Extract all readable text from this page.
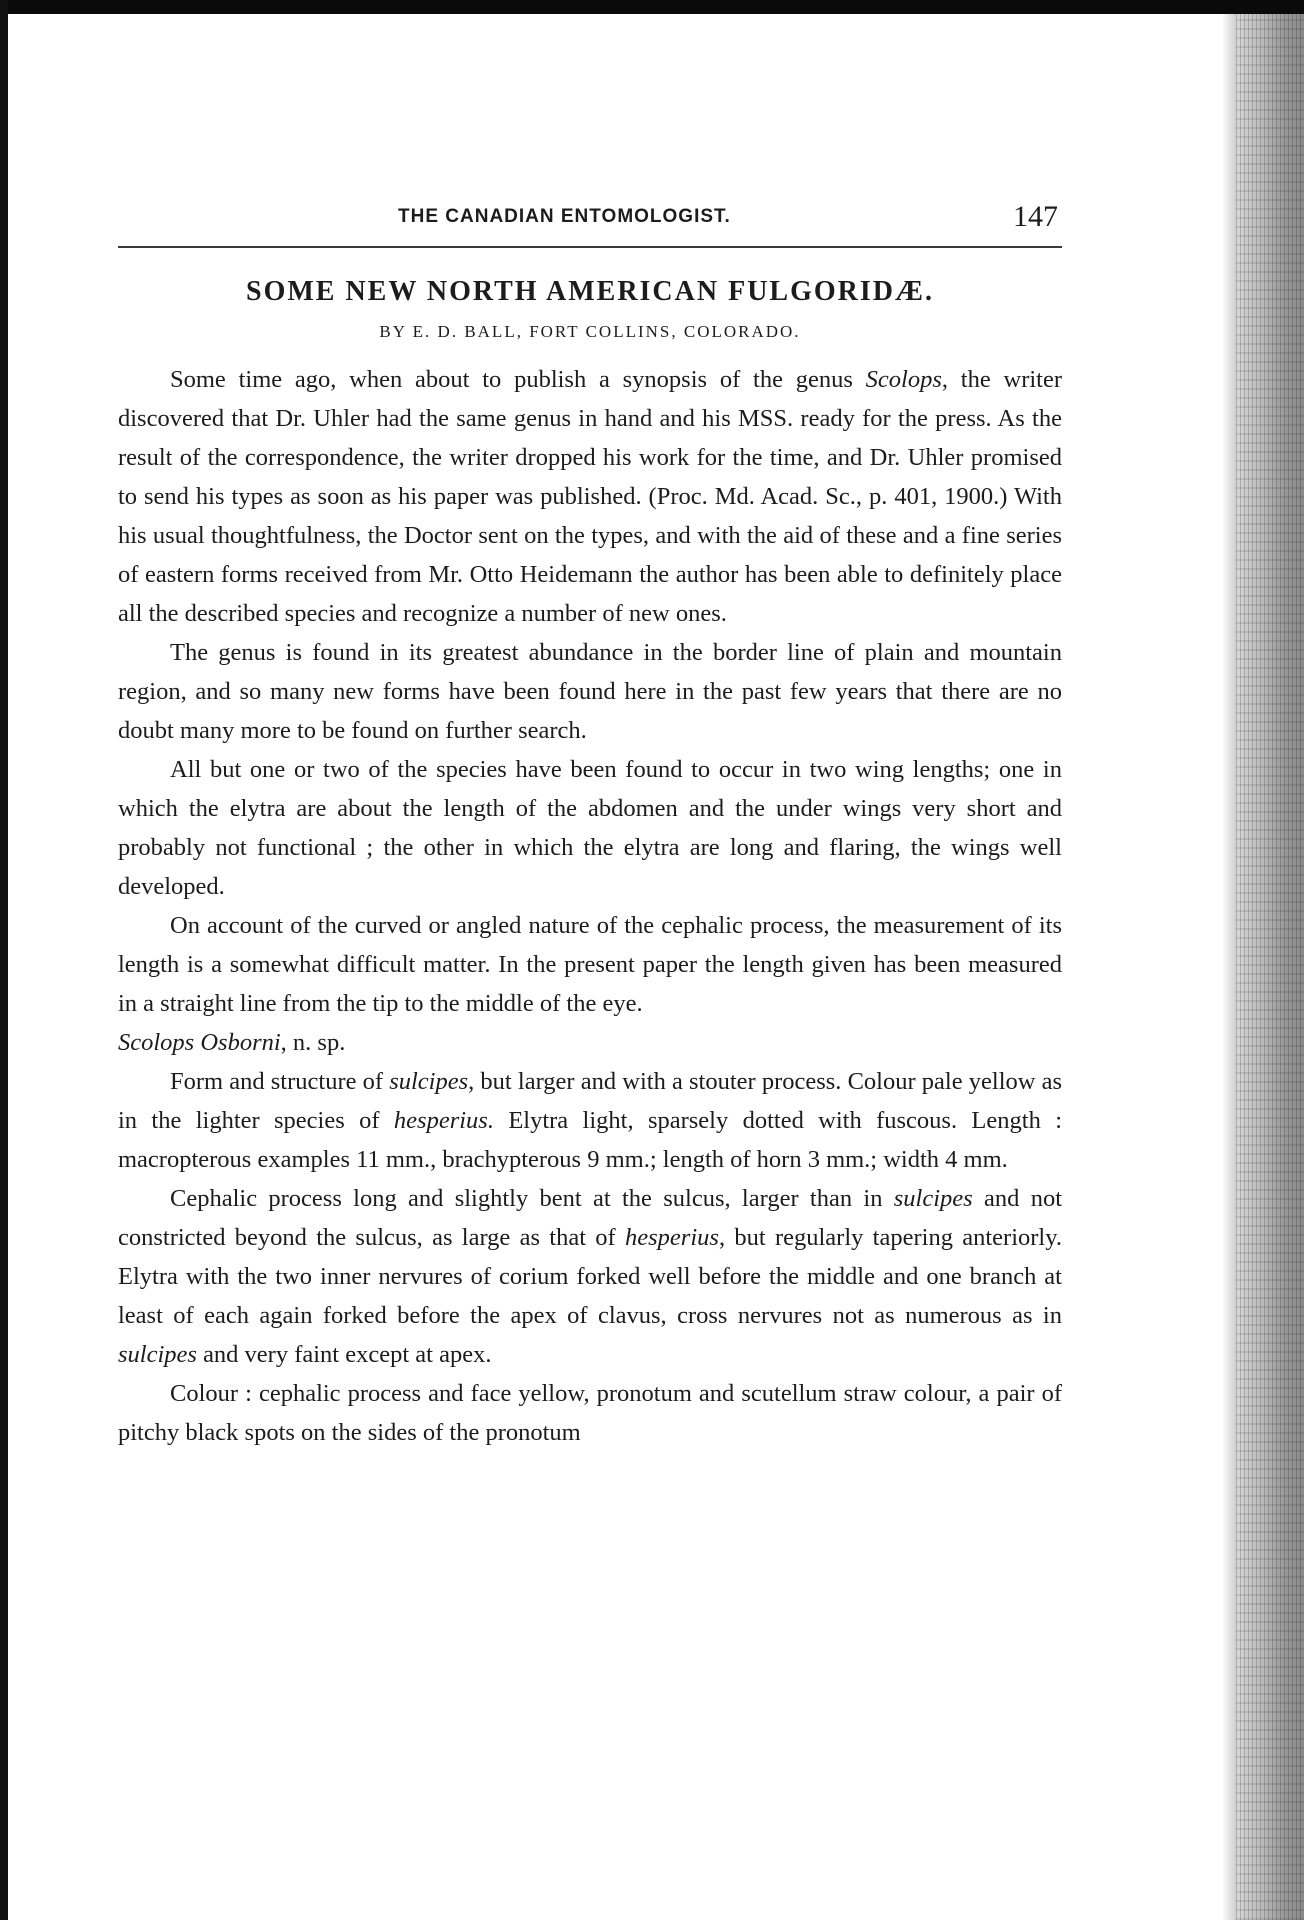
THE CANADIAN ENTOMOLOGIST.	147
SOME NEW NORTH AMERICAN FULGORIDÆ.
BY E. D. BALL, FORT COLLINS, COLORADO.

Some time ago, when about to publish a synopsis of the genus Scolops, the writer discovered that Dr. Uhler had the same genus in hand and his MSS. ready for the press. As the result of the correspondence, the writer dropped his work for the time, and Dr. Uhler promised to send his types as soon as his paper was published. (Proc. Md. Acad. Sc., p. 401, 1900.) With his usual thoughtfulness, the Doctor sent on the types, and with the aid of these and a fine series of eastern forms received from Mr. Otto Heidemann the author has been able to definitely place all the described species and recognize a number of new ones.

The genus is found in its greatest abundance in the border line of plain and mountain region, and so many new forms have been found here in the past few years that there are no doubt many more to be found on further search.

All but one or two of the species have been found to occur in two wing lengths; one in which the elytra are about the length of the abdomen and the under wings very short and probably not functional ; the other in which the elytra are long and flaring, the wings well developed.

On account of the curved or angled nature of the cephalic process, the measurement of its length is a somewhat difficult matter. In the present paper the length given has been measured in a straight line from the tip to the middle of the eye.

Scolops Osborni, n. sp.

Form and structure of sulcipes, but larger and with a stouter process. Colour pale yellow as in the lighter species of hesperius. Elytra light, sparsely dotted with fuscous. Length : macropterous examples 11 mm., brachypterous 9 mm.; length of horn 3 mm.; width 4 mm.

Cephalic process long and slightly bent at the sulcus, larger than in sulcipes and not constricted beyond the sulcus, as large as that of hesperius, but regularly tapering anteriorly. Elytra with the two inner nervures of corium forked well before the middle and one branch at least of each again forked before the apex of clavus, cross nervures not as numerous as in sulcipes and very faint except at apex.

Colour : cephalic process and face yellow, pronotum and scutellum straw colour, a pair of pitchy black spots on the sides of the pronotum
